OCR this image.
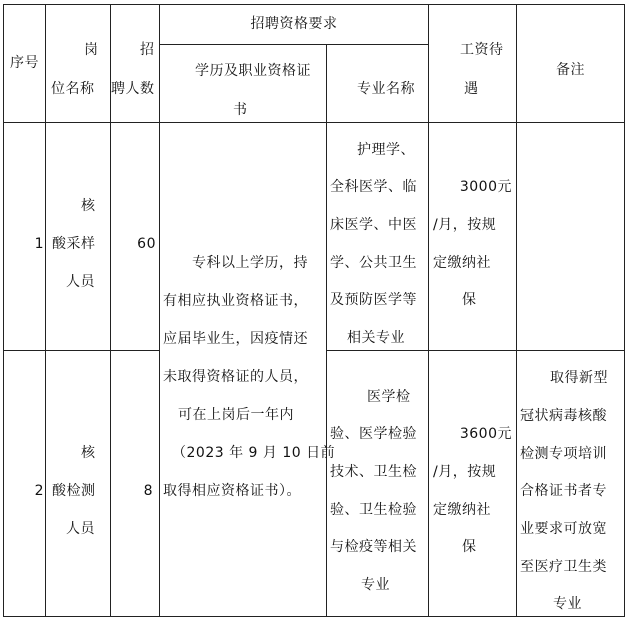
序号
岗
位名称
招
聘人数
招聘资格要求
学历及职业资格证
书
专业名称
工资待
遇
备注
1
核
酸采样
人员
60
护理学、
全科医学、临
床医学、中医
学、公共卫生
及预防医学等
相关专业
3000元
/月，按规
定缴纳社
保
专科以上学历，持
有相应执业资格证书，
应届毕业生，因疫情还
未取得资格证的人员，
可在上岗后一年内
（2023 年 9 月 10 日前
取得相应资格证书）。
2
核
酸检测
人员
8
医学检
验、医学检验
技术、卫生检
验、卫生检验
与检疫等相关
专业
3600元
/月，按规
定缴纳社
保
取得新型
冠状病毒核酸
检测专项培训
合格证书者专
业要求可放宽
至医疗卫生类
专业
